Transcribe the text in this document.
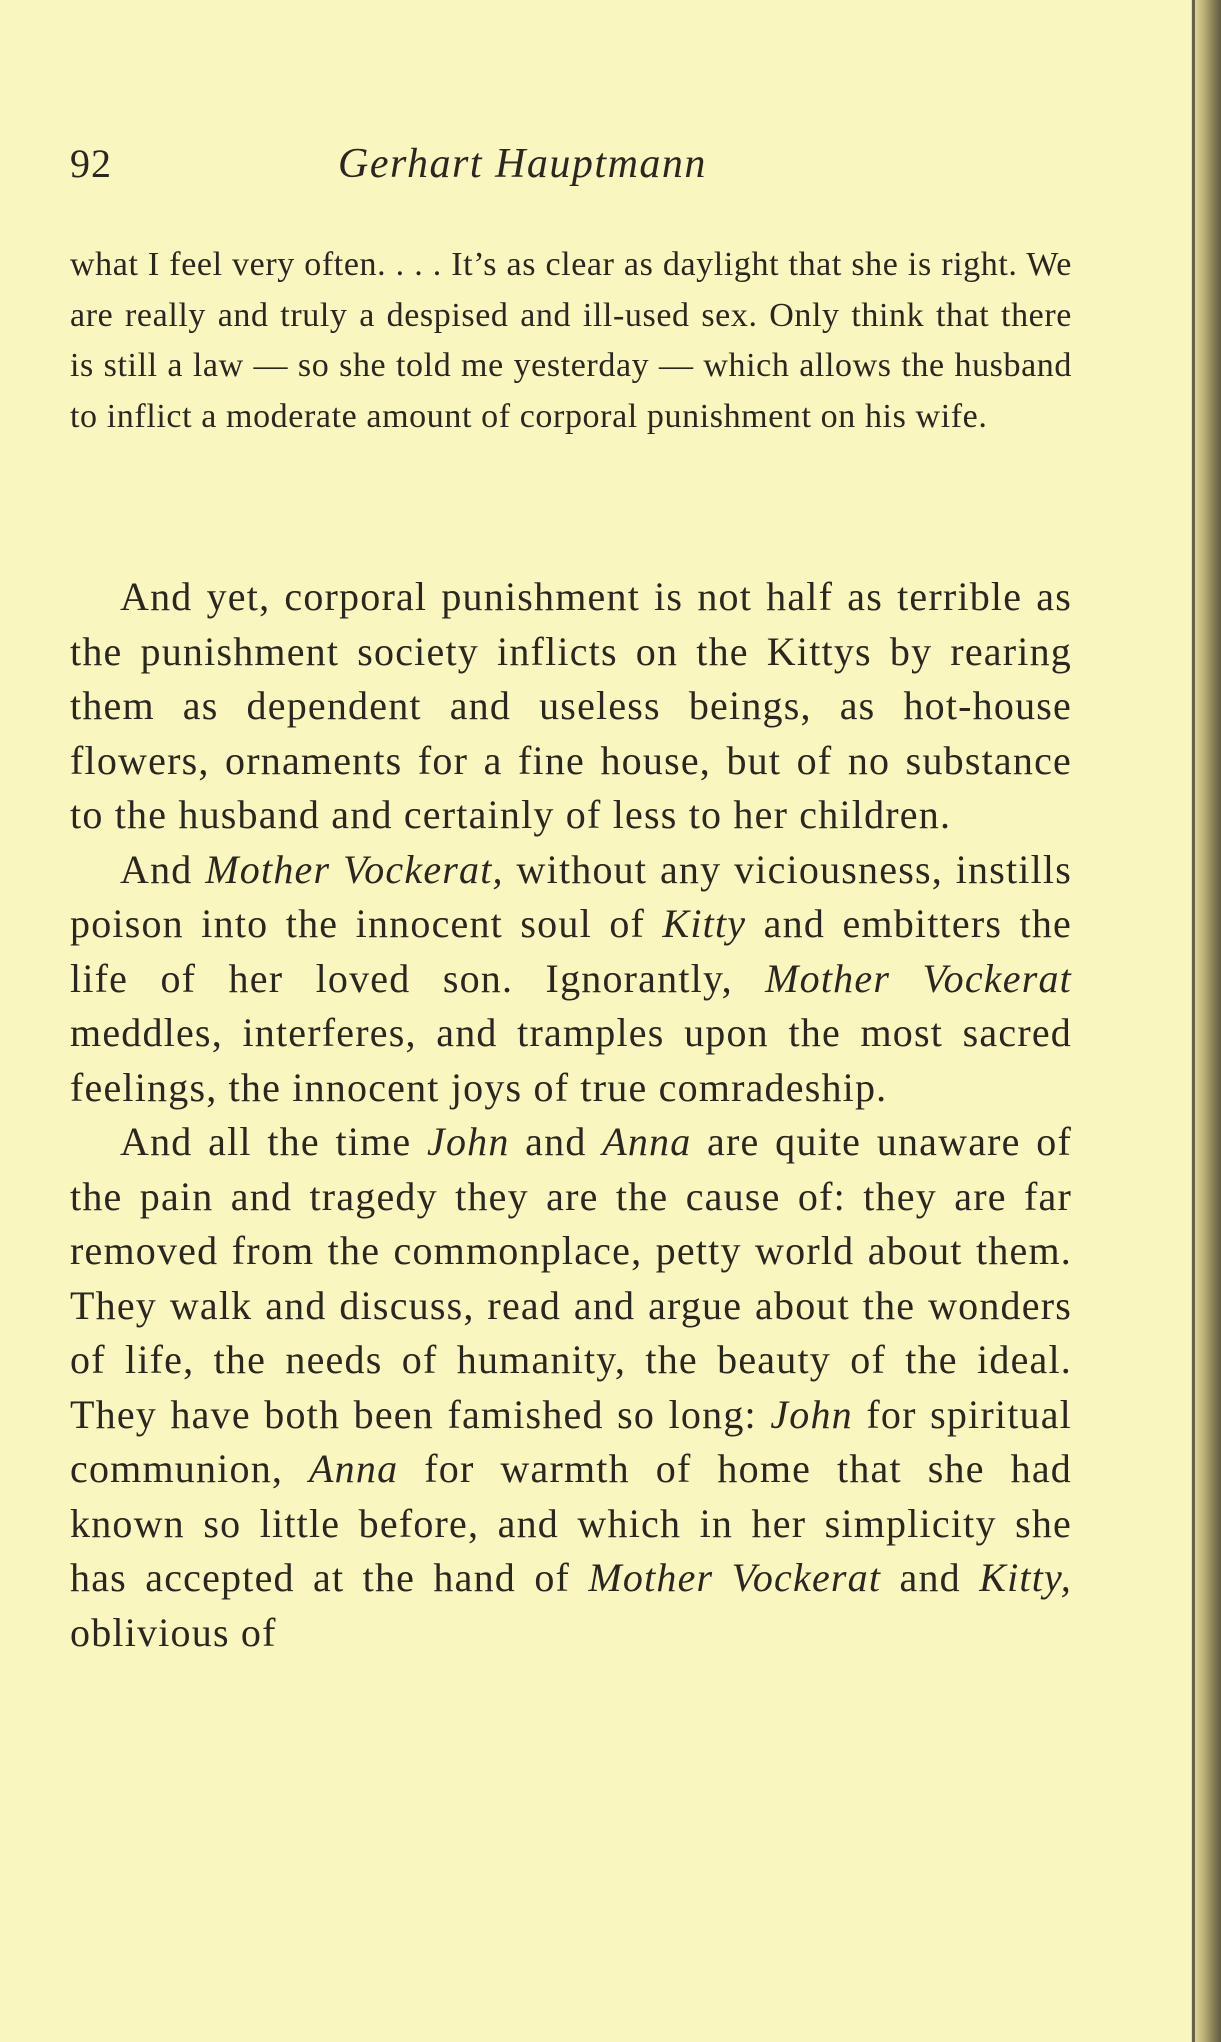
92	Gerhart Hauptmann

what I feel very often. . . . It’s as clear as daylight that she is right. We are really and truly a despised and ill-used sex. Only think that there is still a law — so she told me yesterday — which allows the husband to inflict a moderate amount of corporal punishment on his wife.

And yet, corporal punishment is not half as terrible as the punishment society inflicts on the Kittys by rearing them as dependent and useless beings, as hot-house flowers, ornaments for a fine house, but of no substance to the husband and certainly of less to her children.

And Mother Vockerat, without any viciousness, instills poison into the innocent soul of Kitty and embitters the life of her loved son. Ignorantly, Mother Vockerat meddles, interferes, and tramples upon the most sacred feelings, the innocent joys of true comradeship.

And all the time John and Anna are quite unaware of the pain and tragedy they are the cause of: they are far removed from the commonplace, petty world about them. They walk and discuss, read and argue about the wonders of life, the needs of humanity, the beauty of the ideal. They have both been famished so long: John for spiritual communion, Anna for warmth of home that she had known so little before, and which in her simplicity she has accepted at the hand of Mother Vockerat and Kitty, oblivious of
